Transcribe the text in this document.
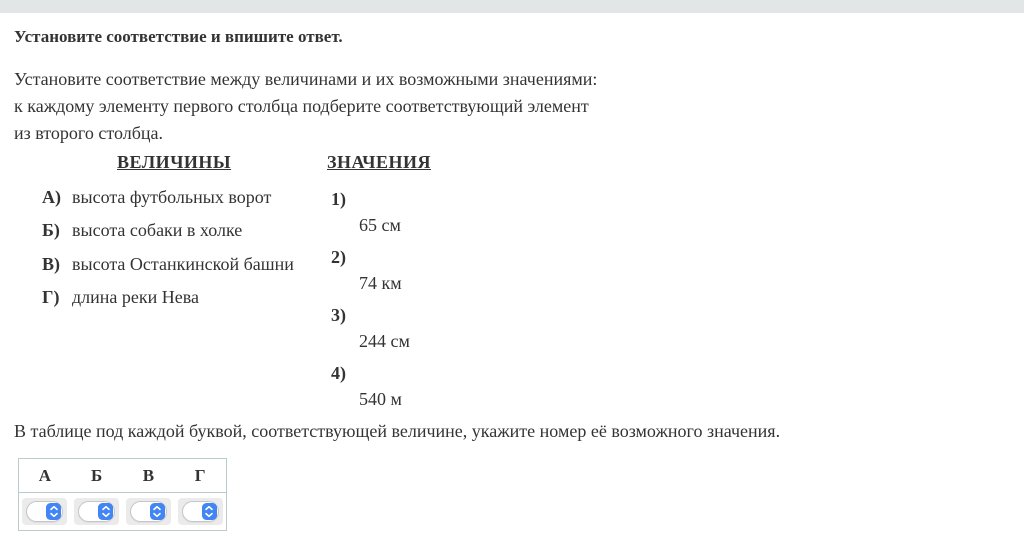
Установите соответствие и впишите ответ.
Установите соответствие между величинами и их возможными значениями:
к каждому элементу первого столбца подберите соответствующий элемент
из второго столбца.
ВЕЛИЧИНЫ	ЗНАЧЕНИЯ
А) высота футбольных ворот
Б) высота собаки в холке
В) высота Останкинской башни
Г) длина реки Нева
1)
65 см
2)
74 км
3)
244 см
4)
540 м
В таблице под каждой буквой, соответствующей величине, укажите номер её возможного значения.
А	Б	В	Г
